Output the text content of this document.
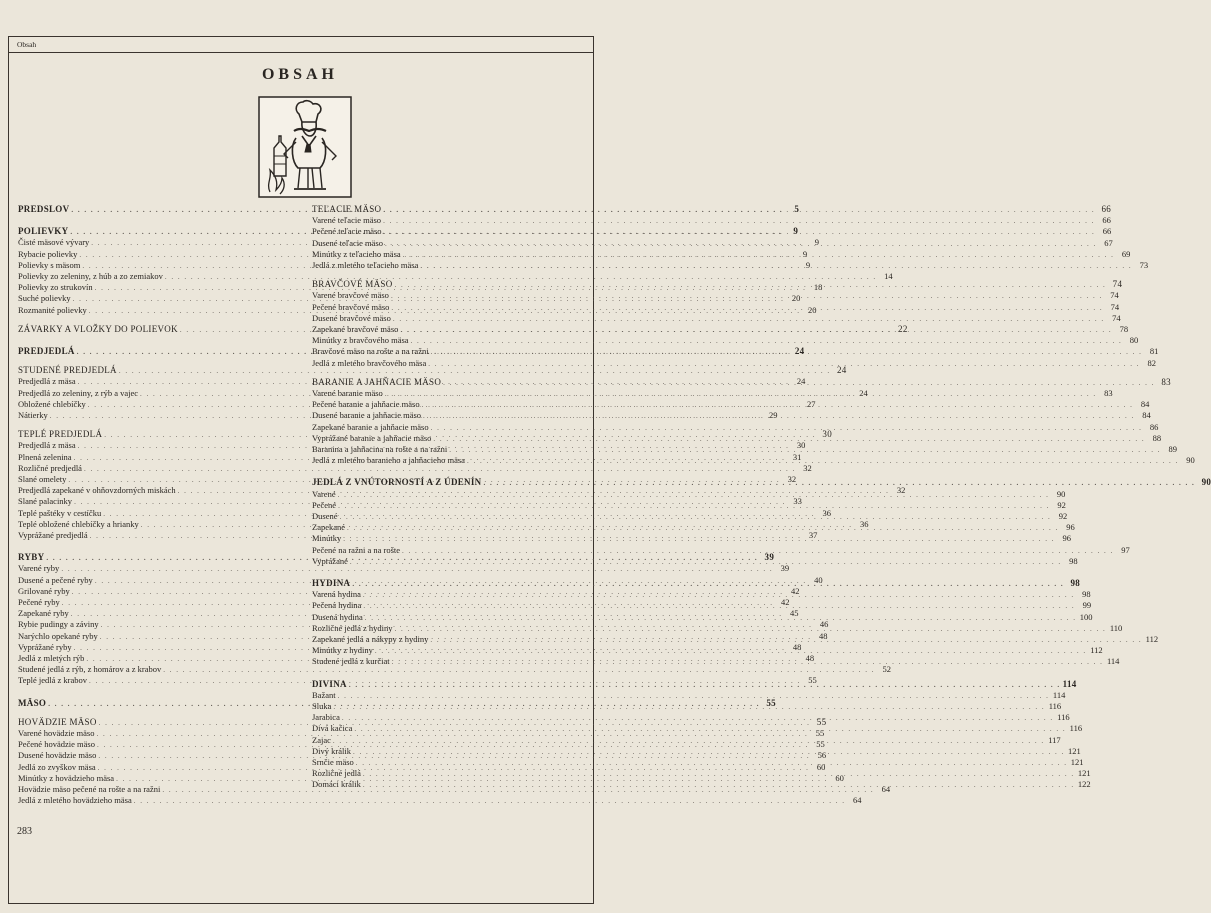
Obsah
OBSAH
PREDSLOV . . .	5
POLIEVKY . . .	9
Čisté mäsové vývary . . .	9
Rybacie polievky . . .	9
Polievky s mäsom . . .	9
Polievky zo zeleniny, z húb a zo zemiakov . . .	14
Polievky zo strukovín . . .	18
Suché polievky . . .	20
Rozmanité polievky . . .	20
ZÁVARKY A VLOŽKY DO POLIEVOK . . .	22
PREDJEDLÁ . . .	24
STUDENÉ PREDJEDLÁ . . .	24
Predjedlá z mäsa . . .	24
Predjedlá zo zeleniny, z rýb a vajec . . .	24
Obložené chlebíčky . . .	27
Nátierky . . .	29
TEPLÉ PREDJEDLÁ . . .	30
Predjedlá z mäsa . . .	30
Plnená zelenina . . .	31
Rozličné predjedlá . . .	32
Slané omelety . . .	32
Predjedlá zapekané v ohňovzdorných miskách . . .	32
Slané palacinky . . .	33
Teplé paštéky v cestíčku . . .	36
Teplé obložené chlebíčky a hrianky . . .	36
Vyprážané predjedlá . . .	37
RYBY . . .	39
Varené ryby . . .	39
Dusené a pečené ryby . . .	40
Grilované ryby . . .	42
Pečené ryby . . .	42
Zapekané ryby . . .	45
Rybie pudingy a záviny . . .	46
Narýchlo opekané ryby . . .	48
Vyprážané ryby . . .	48
Jedlá z mletých rýb . . .	48
Studené jedlá z rýb, z homárov a z krabov . . .	52
Teplé jedlá z krabov . . .	55
MÄSO . . .	55
HOVÄDZIE MÄSO . . .	55
Varené hovädzie mäso . . .	55
Pečené hovädzie mäso . . .	55
Dusené hovädzie mäso . . .	56
Jedlá zo zvyškov mäsa . . .	60
Minútky z hovädzieho mäsa . . .	60
Hovädzie mäso pečené na rošte a na ražni . . .	64
Jedlá z mletého hovädzieho mäsa . . .	64
TEĽACIE MÄSO . . .	66
Varené teľacie mäso . . .	66
Pečené teľacie mäso . . .	66
Dusené teľacie mäso . . .	67
Minútky z teľacieho mäsa . . .	69
Jedlá z mletého teľacieho mäsa . . .	73
BRAVČOVÉ MÄSO . . .	74
Varené bravčové mäso . . .	74
Pečené bravčové mäso . . .	74
Dusené bravčové mäso . . .	74
Zapekané bravčové mäso . . .	78
Minútky z bravčového mäsa . . .	80
Bravčové mäso na rošte a na ražni . . .	81
Jedlá z mletého bravčového mäsa . . .	82
BARANIE A JAHŇACIE MÄSO . . .	83
Varené baranie mäso . . .	83
Pečené baranie a jahňacie mäso . . .	84
Dusené baranie a jahňacie mäso . . .	84
Zapekané baranie a jahňacie mäso . . .	86
Vyprážané baranie a jahňacie mäso . . .	88
Baranina a jahňacina na rošte a na ražni . . .	89
Jedlá z mletého baranieho a jahňacieho mäsa . . .	90
JEDLÁ Z VNÚTORNOSTÍ A Z ÚDENÍN . . .	90
Varené . . .	90
Pečené . . .	92
Dusené . . .	92
Zapekané . . .	96
Minútky . . .	96
Pečené na ražni a na rošte . . .	97
Vyprážané . . .	98
HYDINA . . .	98
Varená hydina . . .	98
Pečená hydina . . .	99
Dusená hydina . . .	100
Rozličné jedlá z hydiny . . .	110
Zapekané jedlá a nákypy z hydiny . . .	112
Minútky z hydiny . . .	112
Studené jedlá z kurčiat . . .	114
DIVINA . . .	114
Bažant . . .	114
Sluka . . .	116
Jarabica . . .	116
Divá kačica . . .	116
Zajac . . .	117
Divý králik . . .	121
Srnčie mäso . . .	121
Rozličné jedlá . . .	121
Domáci králik . . .	122
283
